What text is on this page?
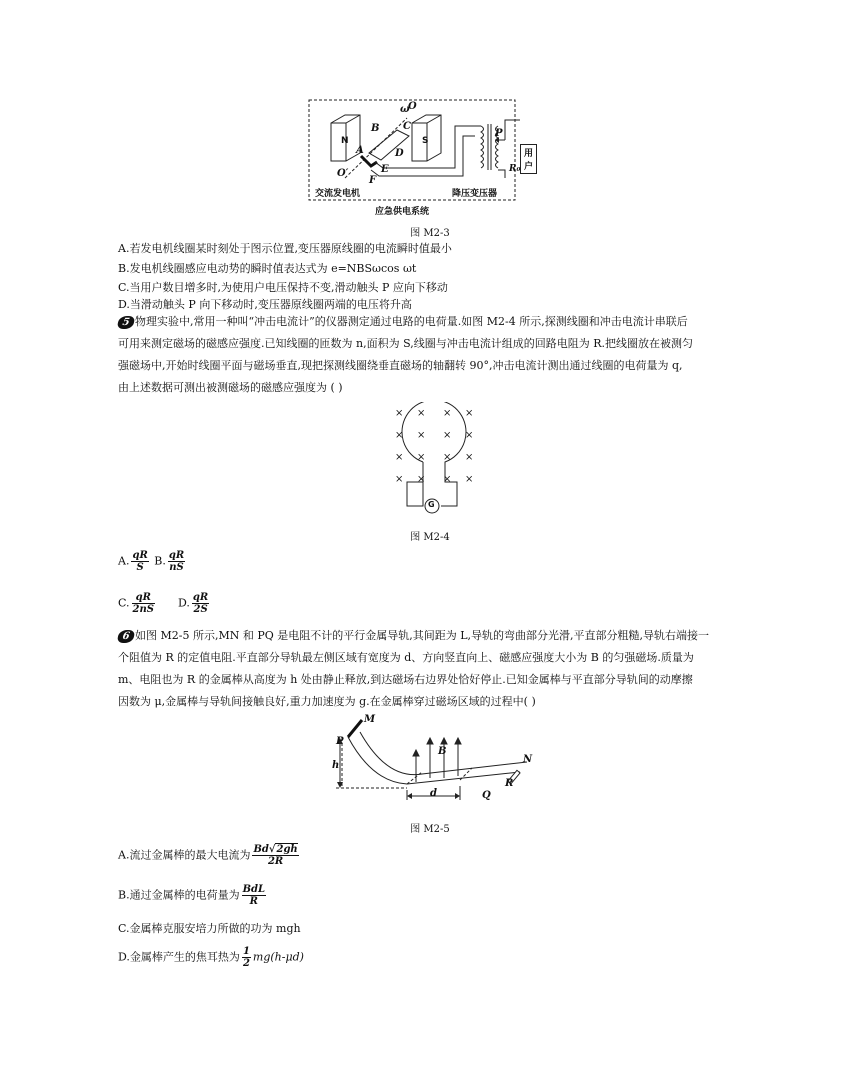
N	S
ω
O
B C
A	D
E
F
O′
P
用户
R₀
交流发电机	降压变压器
应急供电系统
图 M2-3
A.若发电机线圈某时刻处于图示位置,变压器原线圈的电流瞬时值最小
B.发电机线圈感应电动势的瞬时值表达式为 e=NBSωcos ωt
C.当用户数目增多时,为使用户电压保持不变,滑动触头 P 应向下移动
D.当滑动触头 P 向下移动时,变压器原线圈两端的电压将升高
5 物理实验中,常用一种叫“冲击电流计”的仪器测定通过电路的电荷量.如图 M2-4 所示,探测线圈和冲击电流计串联后
可用来测定磁场的磁感应强度.已知线圈的匝数为 n,面积为 S,线圈与冲击电流计组成的回路电阻为 R.把线圈放在被测匀
强磁场中,开始时线圈平面与磁场垂直,现把探测线圈绕垂直磁场的轴翻转 90°,冲击电流计测出通过线圈的电荷量为 q,
由上述数据可测出被测磁场的磁感应强度为 ( )
× × × ×
× × × ×
× × × ×
× × × ×
G
图 M2-4
A. $\frac{qR}{S} B$. $\frac{qR}{nS}$
C. $\frac{qR}{2nS} D$. $\frac{qR}{2S}$
6 如图 M2-5 所示,MN 和 PQ 是电阻不计的平行金属导轨,其间距为 L,导轨的弯曲部分光滑,平直部分粗糙,导轨右端接一
个阻值为 R 的定值电阻.平直部分导轨最左侧区域有宽度为 d、方向竖直向上、磁感应强度大小为 B 的匀强磁场.质量为
m、电阻也为 R 的金属棒从高度为 h 处由静止释放,到达磁场右边界处恰好停止.已知金属棒与平直部分导轨间的动摩擦
因数为 μ,金属棒与导轨间接触良好,重力加速度为 g.在金属棒穿过磁场区域的过程中( )
M
P
h
B
N
d	Q
R
图 M2-5
A.流过金属棒的最大电流为 $\frac{Bd√2gh}{2R}$
B.通过金属棒的电荷量为 $\frac{\text{BdL}}{R}$
C.金属棒克服安培力所做的功为 mgh
D.金属棒产生的焦耳热为 $\frac{1}{2} mg(h-\mu d)$
